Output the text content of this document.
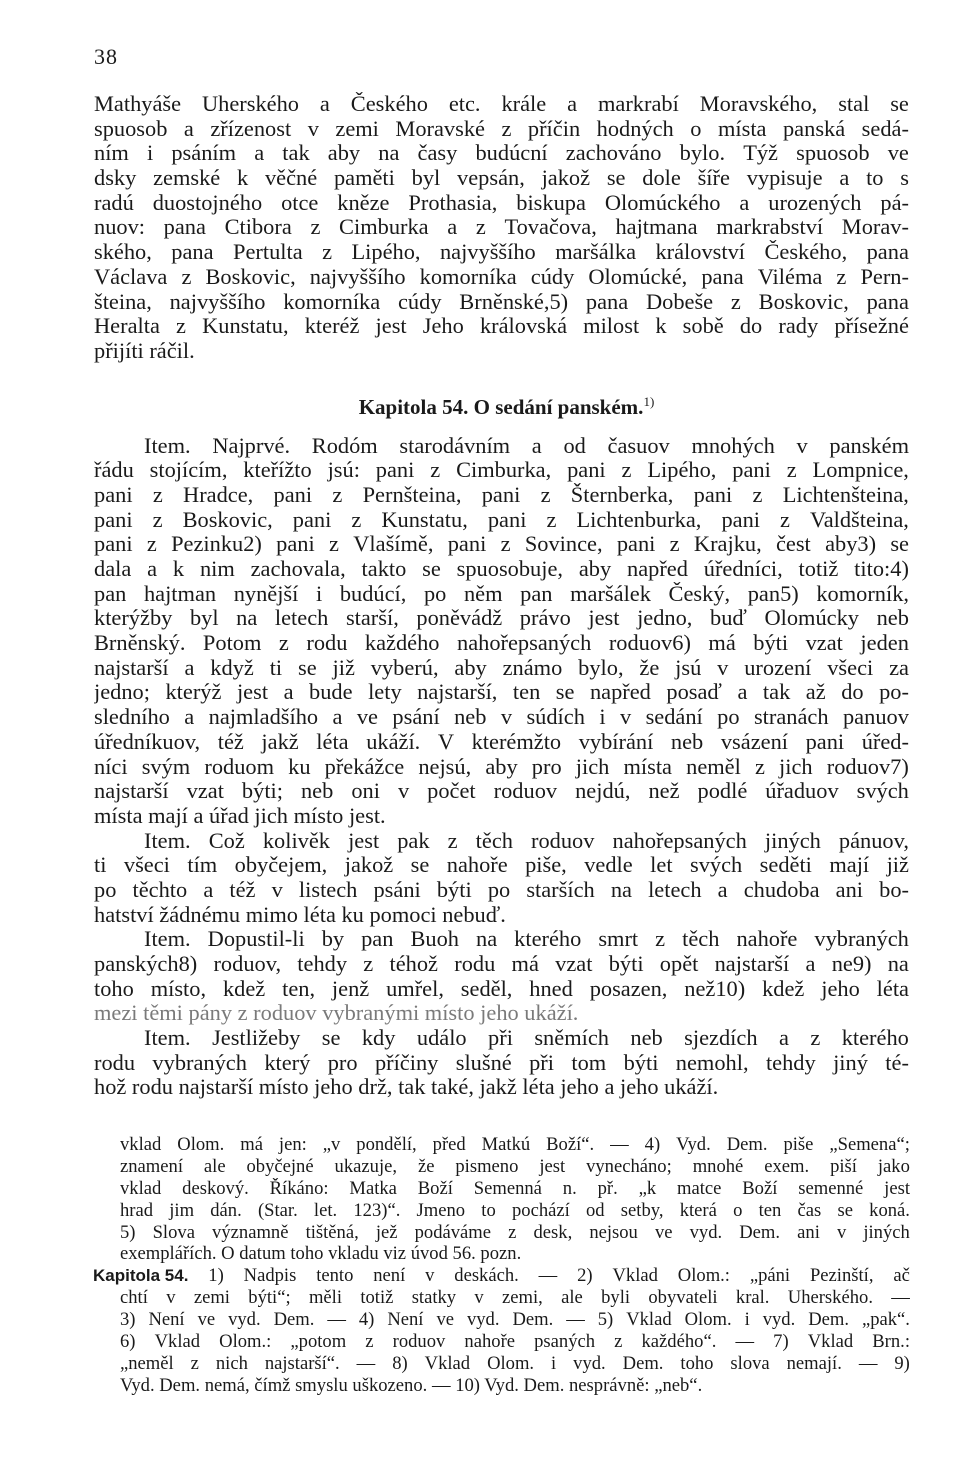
38
Mathyáše Uherského a Českého etc. krále a markrabí Moravského, stal se
spuosob a zřízenost v zemi Moravské z příčin hodných o místa panská sedá-
ním i psáním a tak aby na časy budúcní zachováno bylo. Týž spuosob ve
dsky zemské k věčné paměti byl vepsán, jakož se dole šíře vypisuje a to s
radú duostojného otce kněze Prothasia, biskupa Olomúckého a urozených pá-
nuov: pana Ctibora z Cimburka a z Tovačova, hajtmana markrabství Morav-
ského, pana Pertulta z Lipého, najvyššího maršálka království Českého, pana
Václava z Boskovic, najvyššího komorníka cúdy Olomúcké, pana Viléma z Pern-
šteina, najvyššího komorníka cúdy Brněnské,5) pana Dobeše z Boskovic, pana
Heralta z Kunstatu, kteréž jest Jeho královská milost k sobě do rady přísežné
přijíti ráčil.
Kapitola 54. O sedání panském.$^{1)}$
Item. Najprvé. Rodóm starodávním a od časuov mnohých v panském
řádu stojícím, kteřížto jsú: pani z Cimburka, pani z Lipého, pani z Lompnice,
pani z Hradce, pani z Pernšteina, pani z Šternberka, pani z Lichtenšteina,
pani z Boskovic, pani z Kunstatu, pani z Lichtenburka, pani z Valdšteina,
pani z Pezinku2) pani z Vlašímě, pani z Sovince, pani z Krajku, čest aby3) se
dala a k nim zachovala, takto se spuosobuje, aby napřed úředníci, totiž tito:4)
pan hajtman nynější i budúcí, po něm pan maršálek Český, pan5) komorník,
kterýžby byl na letech starší, poněvádž právo jest jedno, buď Olomúcky neb
Brněnský. Potom z rodu každého nahořepsaných roduov6) má býti vzat jeden
najstarší a když ti se již vyberú, aby známo bylo, že jsú v urození všeci za
jedno; kterýž jest a bude lety najstarší, ten se napřed posaď a tak až do po-
sledního a najmladšího a ve psání neb v súdích i v sedání po stranách panuov
úředníkuov, též jakž léta ukáží. V kterémžto vybírání neb vsázení pani úřed-
níci svým roduom ku překážce nejsú, aby pro jich místa neměl z jich roduov7)
najstarší vzat býti; neb oni v počet roduov nejdú, než podlé úřaduov svých
místa mají a úřad jich místo jest.
Item. Což kolivěk jest pak z těch roduov nahořepsaných jiných pánuov,
ti všeci tím obyčejem, jakož se nahoře piše, vedle let svých seděti mají již
po těchto a též v listech psáni býti po starších na letech a chudoba ani bo-
hatství žádnému mimo léta ku pomoci nebuď.
Item. Dopustil-li by pan Buoh na kterého smrt z těch nahoře vybraných
panských8) roduov, tehdy z téhož rodu má vzat býti opět najstarší a ne9) na
toho místo, kdež ten, jenž umřel, seděl, hned posazen, než10) kdež jeho léta
mezi těmi pány z roduov vybranými místo jeho ukáží.
Item. Jestližeby se kdy událo při sněmích neb sjezdích a z kterého
rodu vybraných který pro příčiny slušné při tom býti nemohl, tehdy jiný té-
hož rodu najstarší místo jeho drž, tak také, jakž léta jeho a jeho ukáží.
vklad Olom. má jen: „v pondělí, před Matkú Boží“. — 4) Vyd. Dem. piše „Semena“;
znamení ale obyčejné ukazuje, že pismeno jest vynecháno; mnohé exem. piší jako
vklad deskový. Říkáno: Matka Boží Semenná n. př. „k matce Boží semenné jest
hrad jim dán. (Star. let. 123)“. Jmeno to pochází od setby, která o ten čas se koná.
5) Slova významně tištěná, jež podáváme z desk, nejsou ve vyd. Dem. ani v jiných
exemplářích. O datum toho vkladu viz úvod 56. pozn.
Kapitola 54. 1) Nadpis tento není v deskách. — 2) Vklad Olom.: „páni Pezinští, ač
chtí v zemi býti“; měli totiž statky v zemi, ale byli obyvateli kral. Uherského. —
3) Není ve vyd. Dem. — 4) Není ve vyd. Dem. — 5) Vklad Olom. i vyd. Dem. „pak“.
6) Vklad Olom.: „potom z roduov nahoře psaných z každého“. — 7) Vklad Brn.:
„neměl z nich najstarší“. — 8) Vklad Olom. i vyd. Dem. toho slova nemají. — 9)
Vyd. Dem. nemá, čímž smyslu uškozeno. — 10) Vyd. Dem. nesprávně: „neb“.
